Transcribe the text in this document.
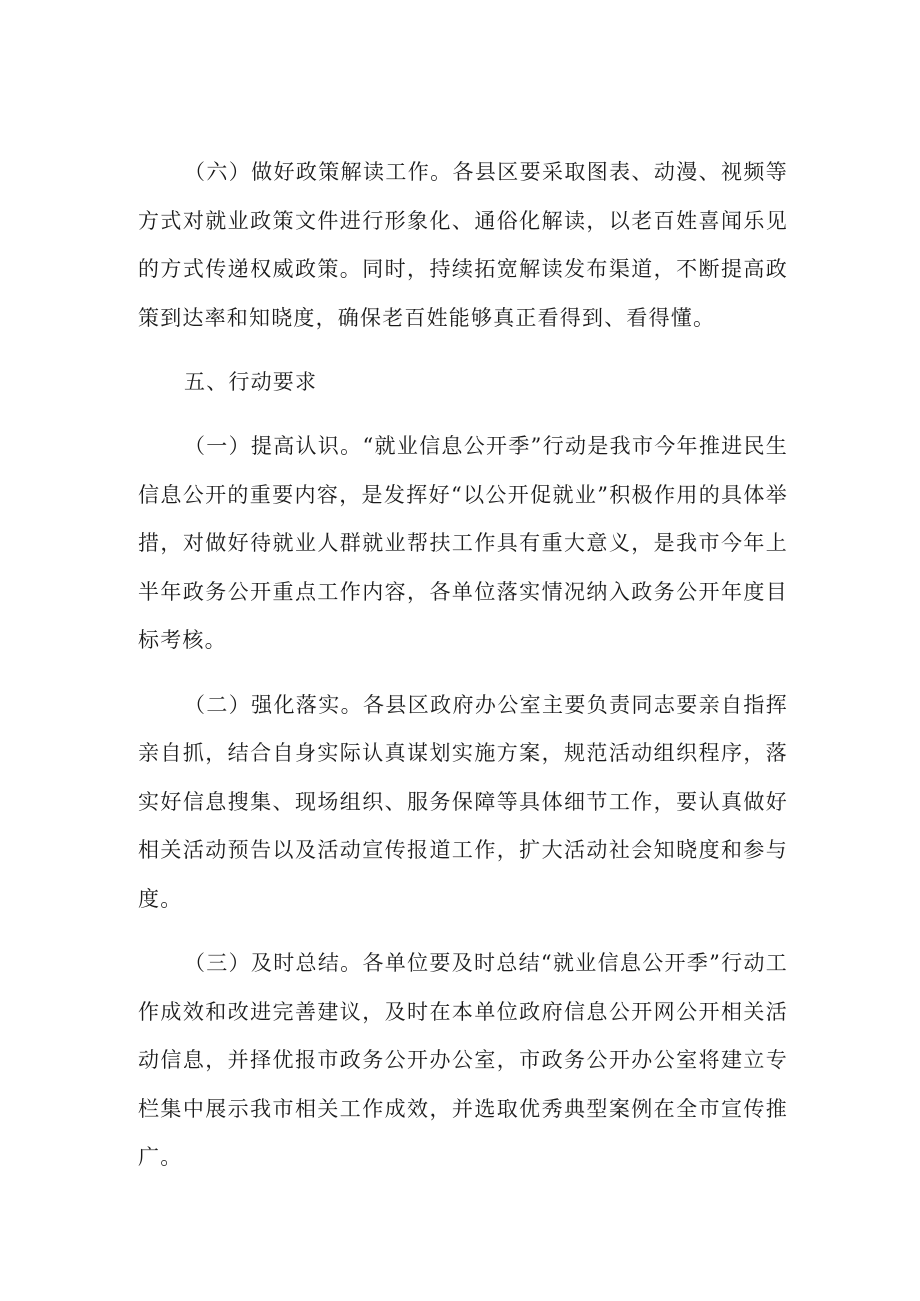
（六）做好政策解读工作。各县区要采取图表、动漫、视频等方式对就业政策文件进行形象化、通俗化解读，以老百姓喜闻乐见的方式传递权威政策。同时，持续拓宽解读发布渠道，不断提高政策到达率和知晓度，确保老百姓能够真正看得到、看得懂。

五、行动要求

（一）提高认识。“就业信息公开季”行动是我市今年推进民生信息公开的重要内容，是发挥好“以公开促就业”积极作用的具体举措，对做好待就业人群就业帮扶工作具有重大意义，是我市今年上半年政务公开重点工作内容，各单位落实情况纳入政务公开年度目标考核。

（二）强化落实。各县区政府办公室主要负责同志要亲自指挥亲自抓，结合自身实际认真谋划实施方案，规范活动组织程序，落实好信息搜集、现场组织、服务保障等具体细节工作，要认真做好相关活动预告以及活动宣传报道工作，扩大活动社会知晓度和参与度。

（三）及时总结。各单位要及时总结“就业信息公开季”行动工作成效和改进完善建议，及时在本单位政府信息公开网公开相关活动信息，并择优报市政务公开办公室，市政务公开办公室将建立专栏集中展示我市相关工作成效，并选取优秀典型案例在全市宣传推广。
